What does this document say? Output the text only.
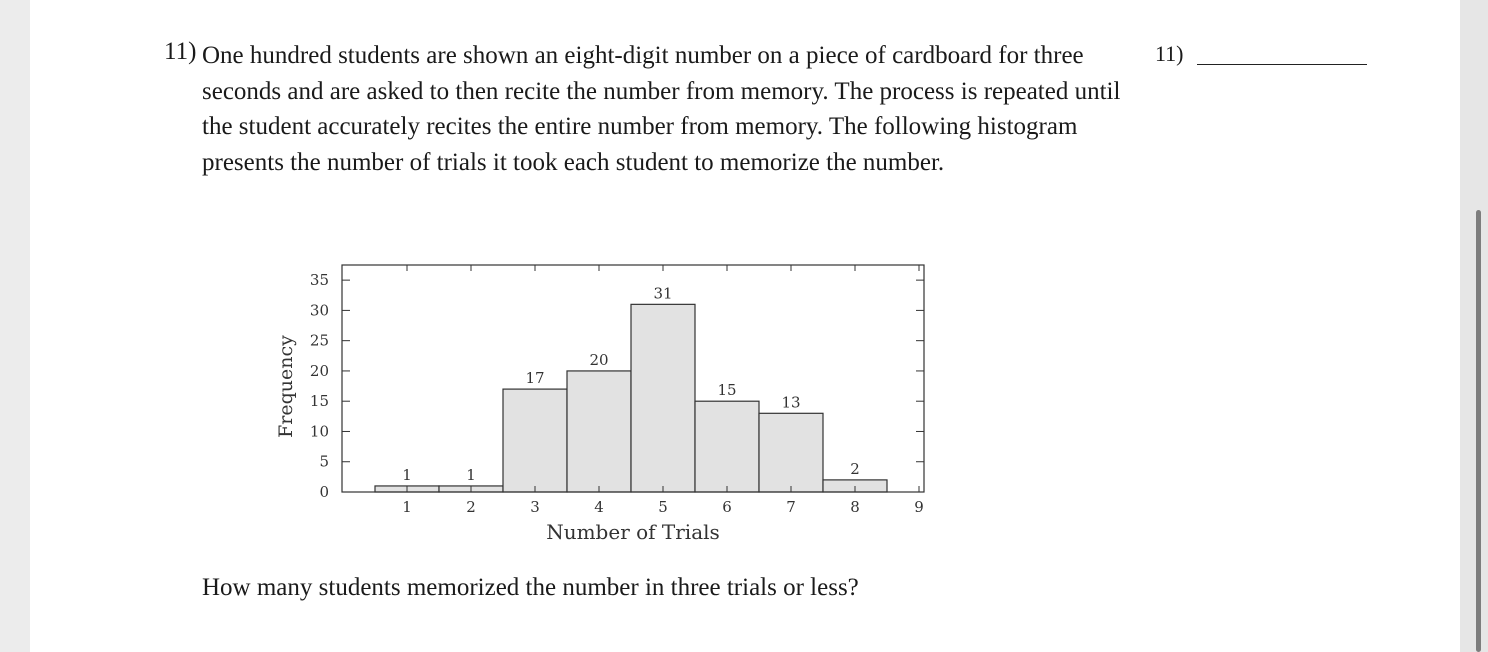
11) One hundred students are shown an eight-digit number on a piece of cardboard for three seconds and are asked to then recite the number from memory. The process is repeated until the student accurately recites the entire number from memory. The following histogram presents the number of trials it took each student to memorize the number.
11)
1	1
17
20
31
15
13
2
1	2	3	4	5	6	7	8	9
0
5
10
15
20
25
30
35
Number of Trials
Frequency
How many students memorized the number in three trials or less?
